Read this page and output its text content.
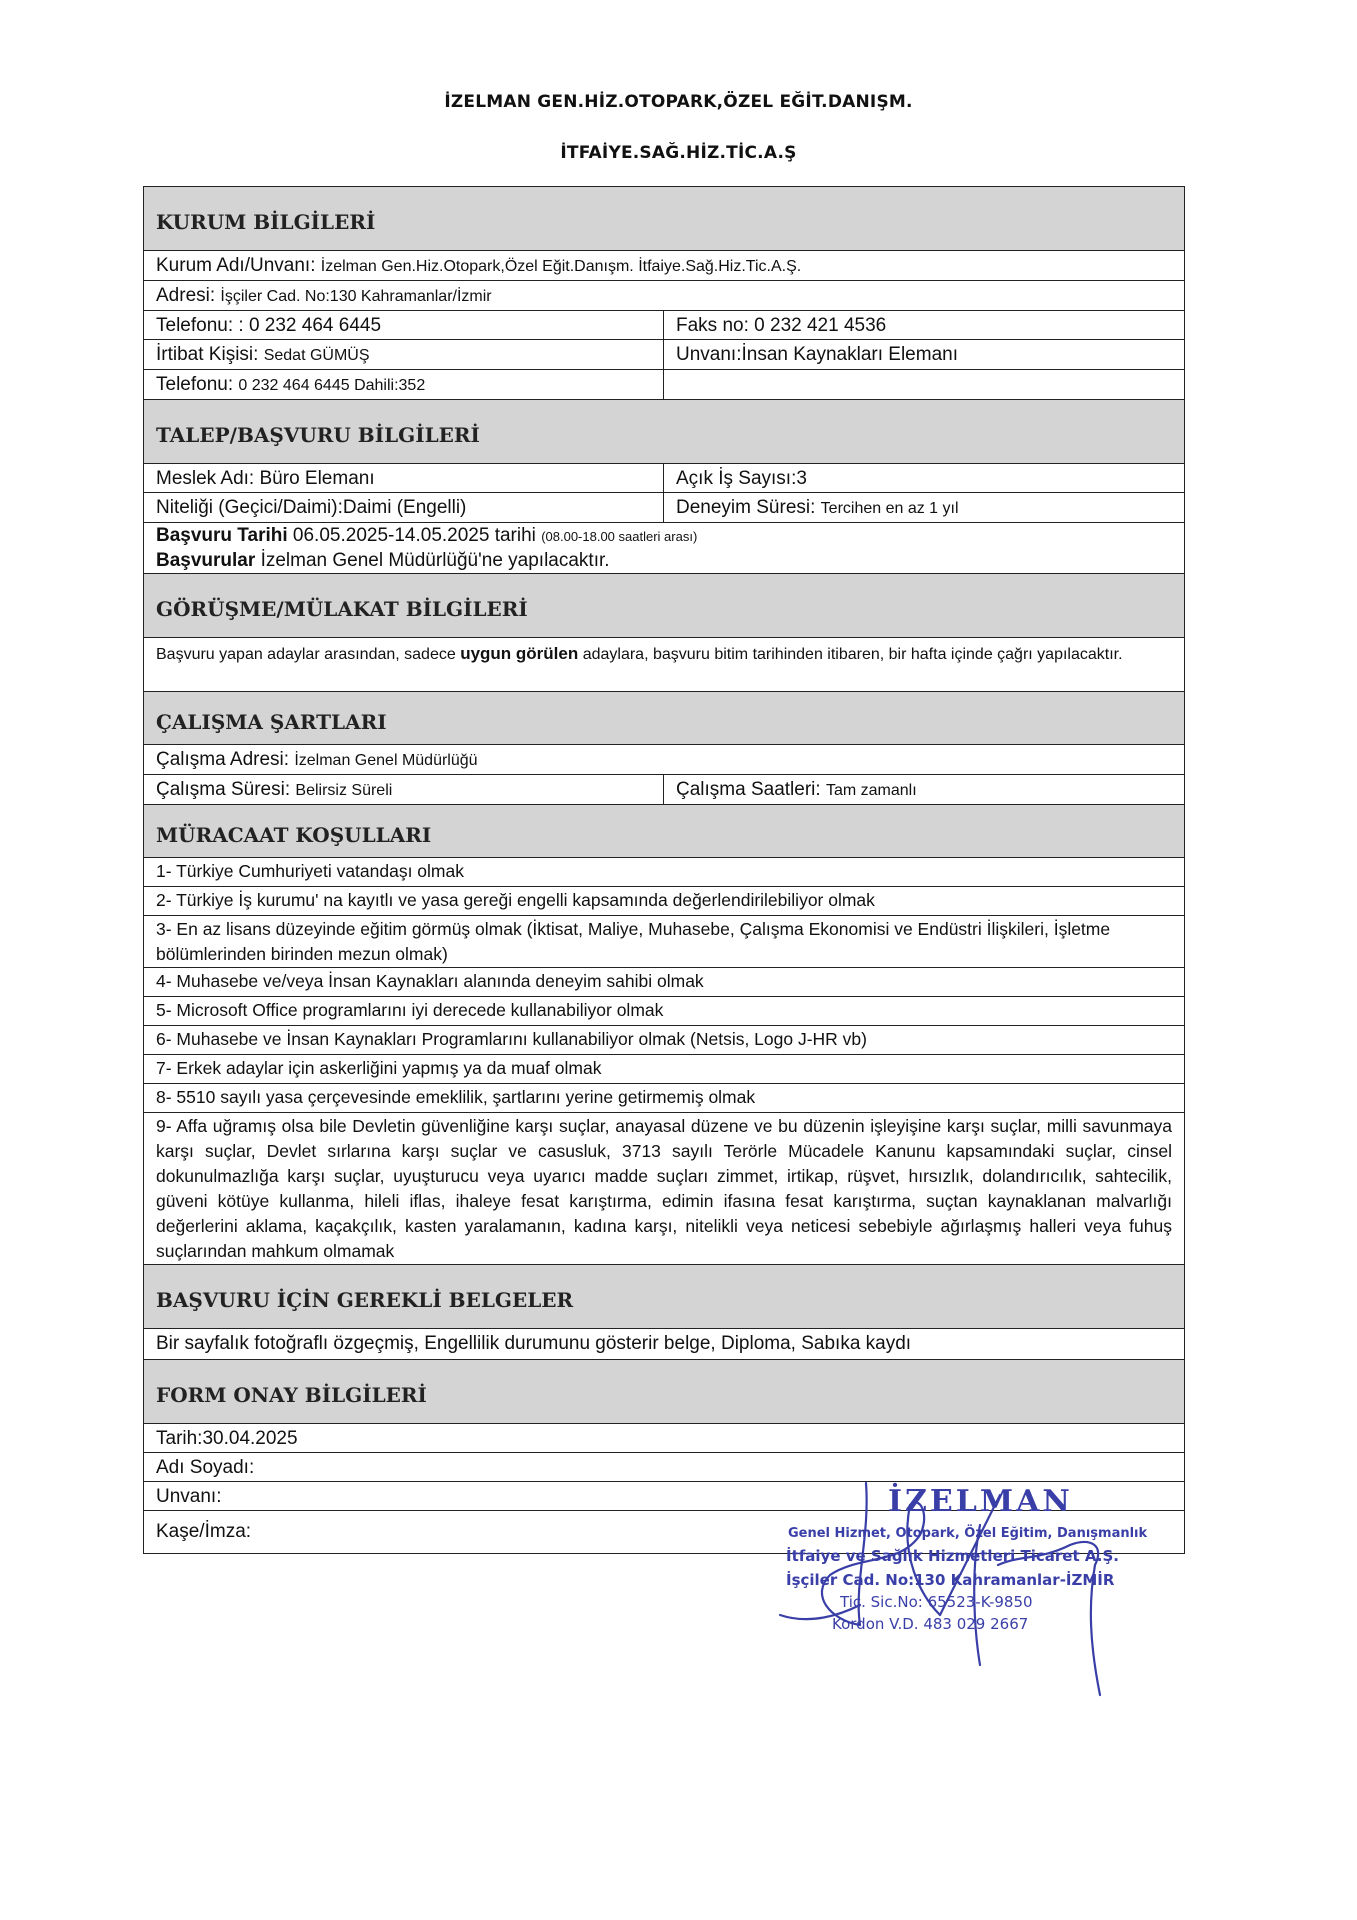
İZELMAN GEN.HİZ.OTOPARK,ÖZEL EĞİT.DANIŞM.
İTFAİYE.SAĞ.HİZ.TİC.A.Ş
KURUM BİLGİLERİ
Kurum Adı/Unvanı: İzelman Gen.Hiz.Otopark,Özel Eğit.Danışm. İtfaiye.Sağ.Hiz.Tic.A.Ş.
Adresi: İşçiler Cad. No:130 Kahramanlar/İzmir
Telefonu: : 0 232 464 6445	Faks no: 0 232 421 4536
İrtibat Kişisi: Sedat GÜMÜŞ	Unvanı:İnsan Kaynakları Elemanı
Telefonu: 0 232 464 6445 Dahili:352
TALEP/BAŞVURU BİLGİLERİ
Meslek Adı: Büro Elemanı	Açık İş Sayısı:3
Niteliği (Geçici/Daimi):Daimi (Engelli)	Deneyim Süresi: Tercihen en az 1 yıl
Başvuru Tarihi 06.05.2025-14.05.2025 tarihi (08.00-18.00 saatleri arası)
Başvurular İzelman Genel Müdürlüğü'ne yapılacaktır.
GÖRÜŞME/MÜLAKAT BİLGİLERİ
Başvuru yapan adaylar arasından, sadece uygun görülen adaylara, başvuru bitim tarihinden itibaren, bir hafta içinde çağrı yapılacaktır.
ÇALIŞMA ŞARTLARI
Çalışma Adresi: İzelman Genel Müdürlüğü
Çalışma Süresi: Belirsiz Süreli	Çalışma Saatleri: Tam zamanlı
MÜRACAAT KOŞULLARI
1- Türkiye Cumhuriyeti vatandaşı olmak
2- Türkiye İş kurumu' na kayıtlı ve yasa gereği engelli kapsamında değerlendirilebiliyor olmak
3- En az lisans düzeyinde eğitim görmüş olmak (İktisat, Maliye, Muhasebe, Çalışma Ekonomisi ve Endüstri İlişkileri, İşletme bölümlerinden birinden mezun olmak)
4- Muhasebe ve/veya İnsan Kaynakları alanında deneyim sahibi olmak
5- Microsoft Office programlarını iyi derecede kullanabiliyor olmak
6- Muhasebe ve İnsan Kaynakları Programlarını kullanabiliyor olmak (Netsis, Logo J-HR vb)
7- Erkek adaylar için askerliğini yapmış ya da muaf olmak
8- 5510 sayılı yasa çerçevesinde emeklilik, şartlarını yerine getirmemiş olmak
9- Affa uğramış olsa bile Devletin güvenliğine karşı suçlar, anayasal düzene ve bu düzenin işleyişine karşı suçlar, milli savunmaya karşı suçlar, Devlet sırlarına karşı suçlar ve casusluk, 3713 sayılı Terörle Mücadele Kanunu kapsamındaki suçlar, cinsel dokunulmazlığa karşı suçlar, uyuşturucu veya uyarıcı madde suçları zimmet, irtikap, rüşvet, hırsızlık, dolandırıcılık, sahtecilik, güveni kötüye kullanma, hileli iflas, ihaleye fesat karıştırma, edimin ifasına fesat karıştırma, suçtan kaynaklanan malvarlığı değerlerini aklama, kaçakçılık, kasten yaralamanın, kadına karşı, nitelikli veya neticesi sebebiyle ağırlaşmış halleri veya fuhuş suçlarından mahkum olmamak
BAŞVURU İÇİN GEREKLİ BELGELER
Bir sayfalık fotoğraflı özgeçmiş, Engellilik durumunu gösterir belge, Diploma, Sabıka kaydı
FORM ONAY BİLGİLERİ
Tarih:30.04.2025
Adı Soyadı:
Unvanı:
Kaşe/İmza:
İZELMAN
Genel Hizmet, Otopark, Özel Eğitim, Danışmanlık
İtfaiye ve Sağlık Hizmetleri Ticaret A.Ş.
İşçiler Cad. No:130 Kahramanlar-İZMİR
Tic. Sic.No: 65523-K-9850
Kordon V.D. 483 029 2667
